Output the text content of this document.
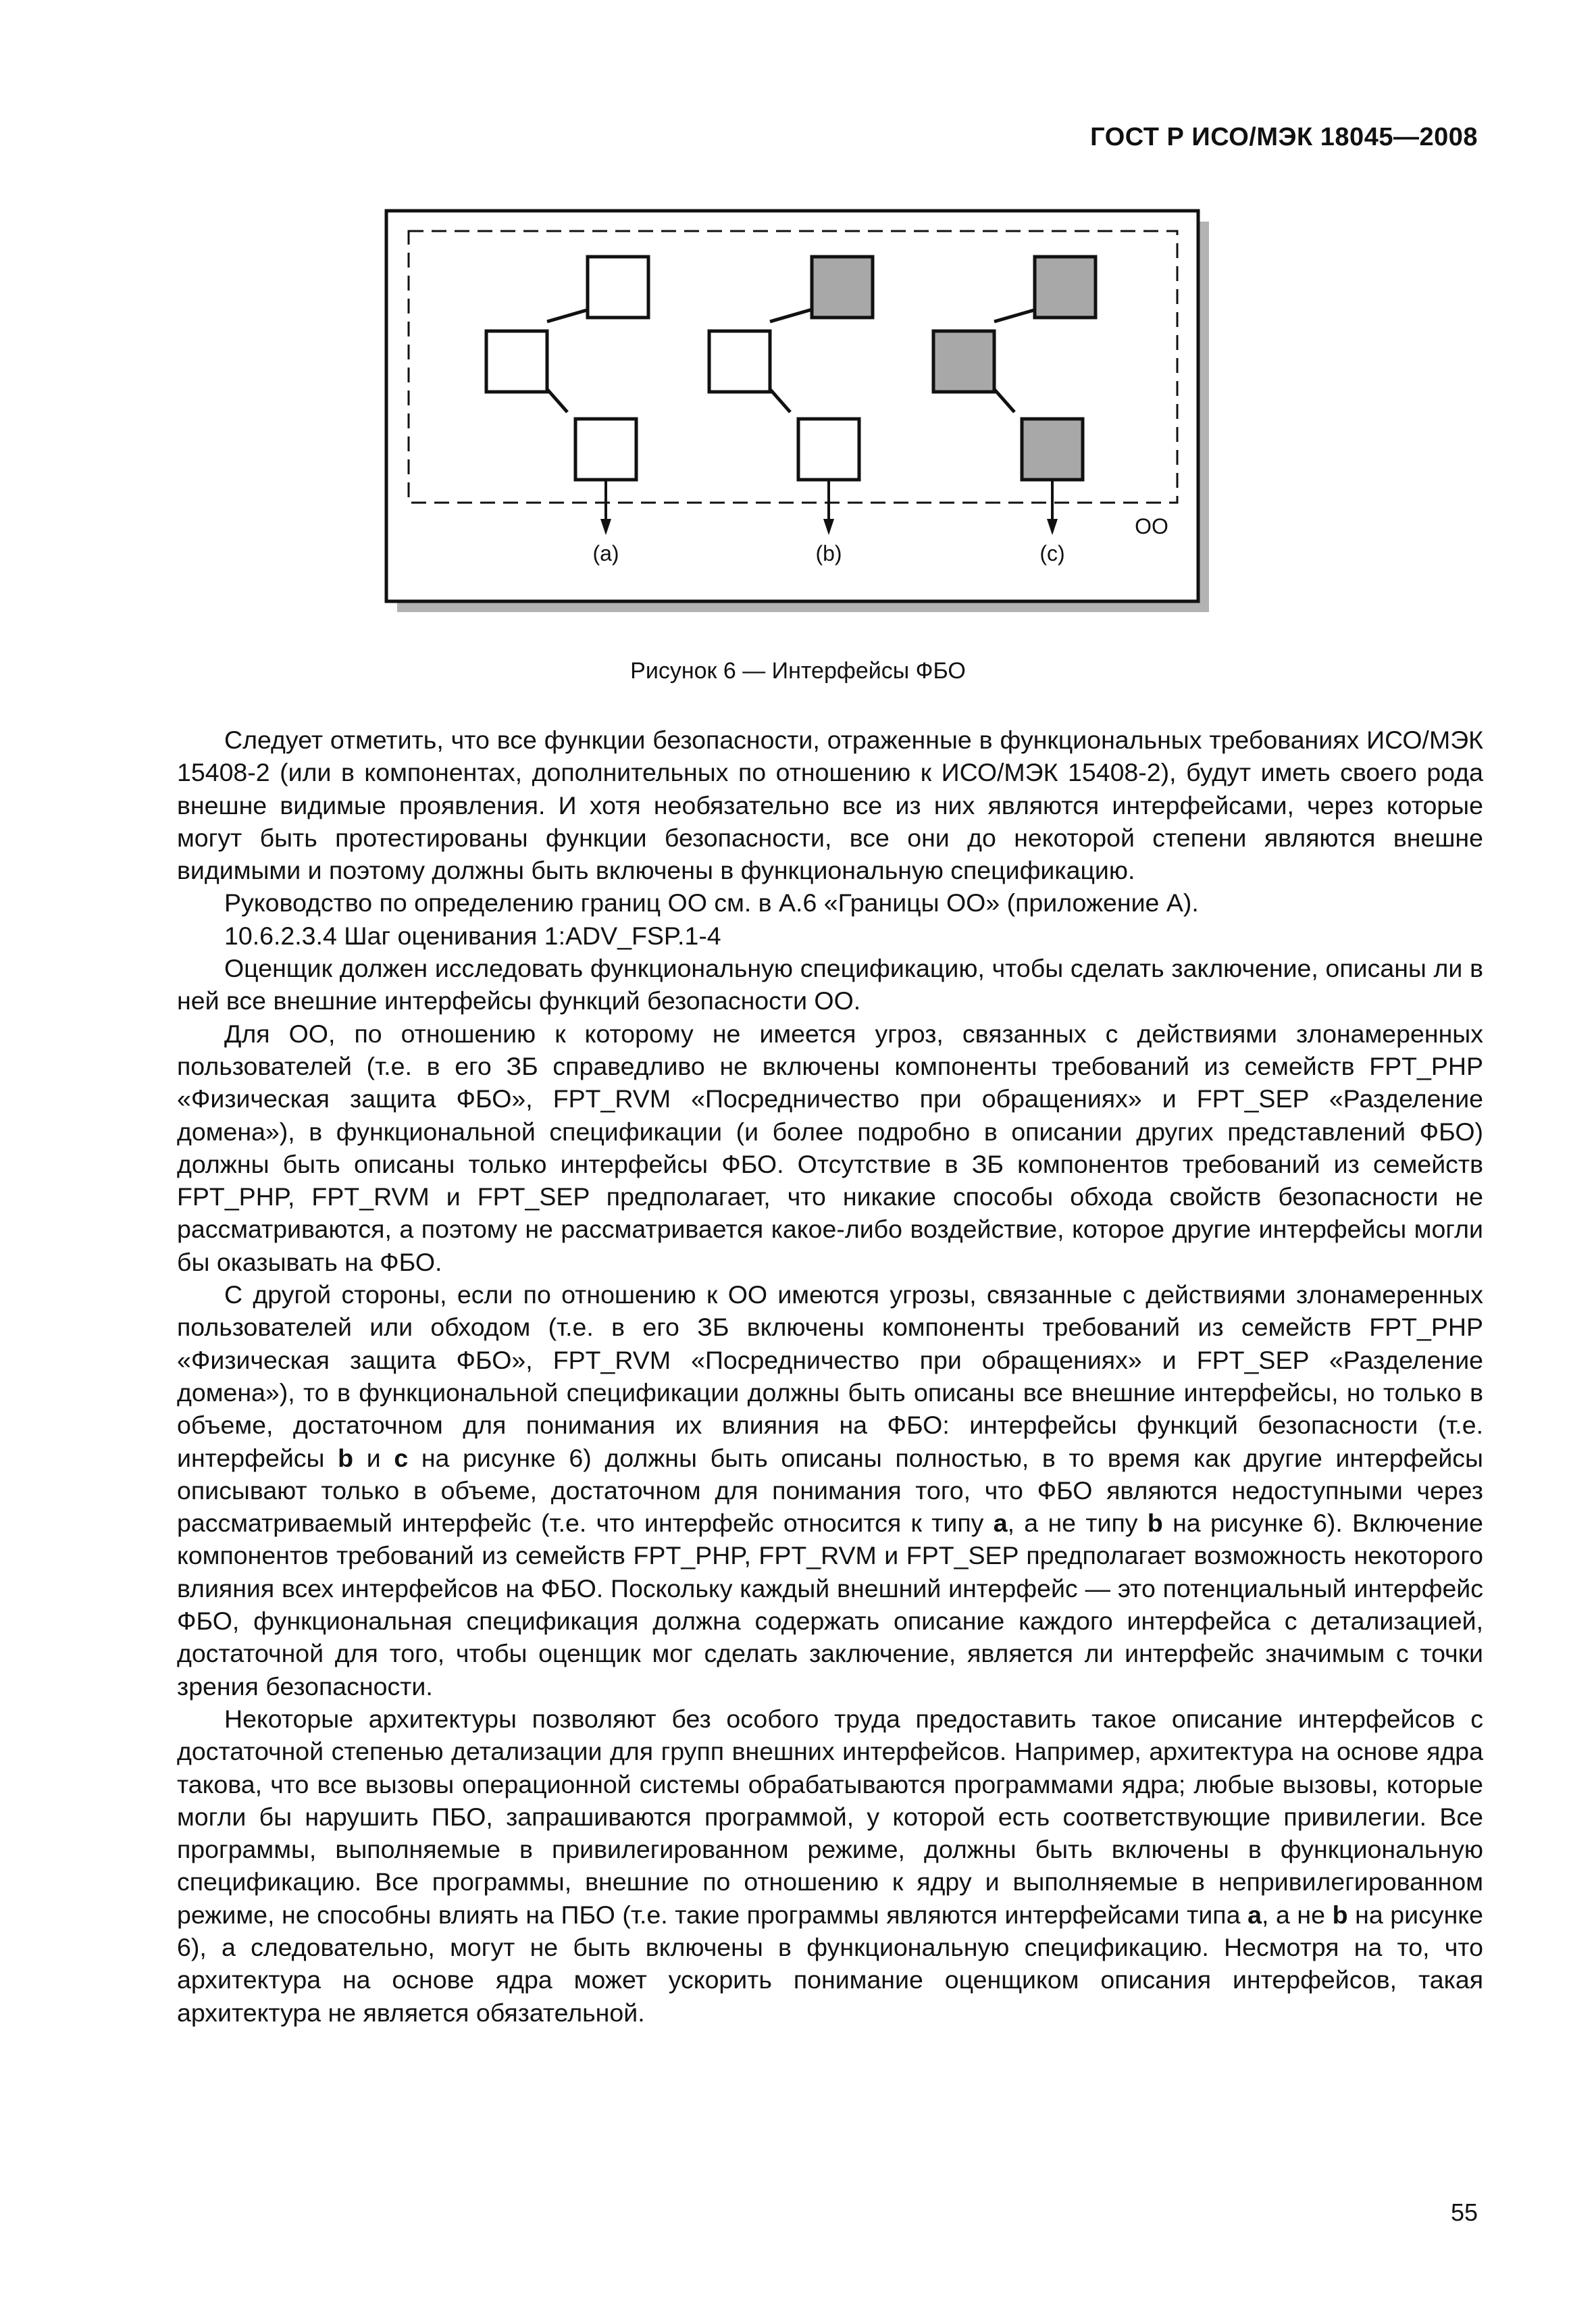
ГОСТ Р ИСО/МЭК 18045—2008
(a)	(b)	(c)
ОО
Рисунок 6 — Интерфейсы ФБО

Следует отметить, что все функции безопасности, отраженные в функциональных требованиях ИСО/МЭК 15408-2 (или в компонентах, дополнительных по отношению к ИСО/МЭК 15408-2), будут иметь своего рода внешне видимые проявления. И хотя необязательно все из них являются интерфейсами, через которые могут быть протестированы функции безопасности, все они до некоторой степени являются внешне видимыми и поэтому должны быть включены в функциональную спецификацию.

Руководство по определению границ ОО см. в А.6 «Границы ОО» (приложение А).

10.6.2.3.4 Шаг оценивания 1:ADV_FSP.1-4

Оценщик должен исследовать функциональную спецификацию, чтобы сделать заключение, описаны ли в ней все внешние интерфейсы функций безопасности ОО.

Для ОО, по отношению к которому не имеется угроз, связанных с действиями злонамеренных пользователей (т.е. в его ЗБ справедливо не включены компоненты требований из семейств FPT_PHP «Физическая защита ФБО», FPT_RVM «Посредничество при обращениях» и FPT_SEP «Разделение домена»), в функциональной спецификации (и более подробно в описании других представлений ФБО) должны быть описаны только интерфейсы ФБО. Отсутствие в ЗБ компонентов требований из семейств FPT_PHP, FPT_RVM и FPT_SEP предполагает, что никакие способы обхода свойств безопасности не рассматриваются, а поэтому не рассматривается какое-либо воздействие, которое другие интерфейсы могли бы оказывать на ФБО.

С другой стороны, если по отношению к ОО имеются угрозы, связанные с действиями злонамеренных пользователей или обходом (т.е. в его ЗБ включены компоненты требований из семейств FPT_PHP «Физическая защита ФБО», FPT_RVM «Посредничество при обращениях» и FPT_SEP «Разделение домена»), то в функциональной спецификации должны быть описаны все внешние интерфейсы, но только в объеме, достаточном для понимания их влияния на ФБО: интерфейсы функций безопасности (т.е. интерфейсы b и c на рисунке 6) должны быть описаны полностью, в то время как другие интерфейсы описывают только в объеме, достаточном для понимания того, что ФБО являются недоступными через рассматриваемый интерфейс (т.е. что интерфейс относится к типу a, а не типу b на рисунке 6). Включение компонентов требований из семейств FPT_PHP, FPT_RVM и FPT_SEP предполагает возможность некоторого влияния всех интерфейсов на ФБО. Поскольку каждый внешний интерфейс — это потенциальный интерфейс ФБО, функциональная спецификация должна содержать описание каждого интерфейса с детализацией, достаточной для того, чтобы оценщик мог сделать заключение, является ли интерфейс значимым с точки зрения безопасности.

Некоторые архитектуры позволяют без особого труда предоставить такое описание интерфейсов с достаточной степенью детализации для групп внешних интерфейсов. Например, архитектура на основе ядра такова, что все вызовы операционной системы обрабатываются программами ядра; любые вызовы, которые могли бы нарушить ПБО, запрашиваются программой, у которой есть соответствующие привилегии. Все программы, выполняемые в привилегированном режиме, должны быть включены в функциональную спецификацию. Все программы, внешние по отношению к ядру и выполняемые в непривилегированном режиме, не способны влиять на ПБО (т.е. такие программы являются интерфейсами типа a, а не b на рисунке 6), а следовательно, могут не быть включены в функциональную спецификацию. Несмотря на то, что архитектура на основе ядра может ускорить понимание оценщиком описания интерфейсов, такая архитектура не является обязательной.

55
